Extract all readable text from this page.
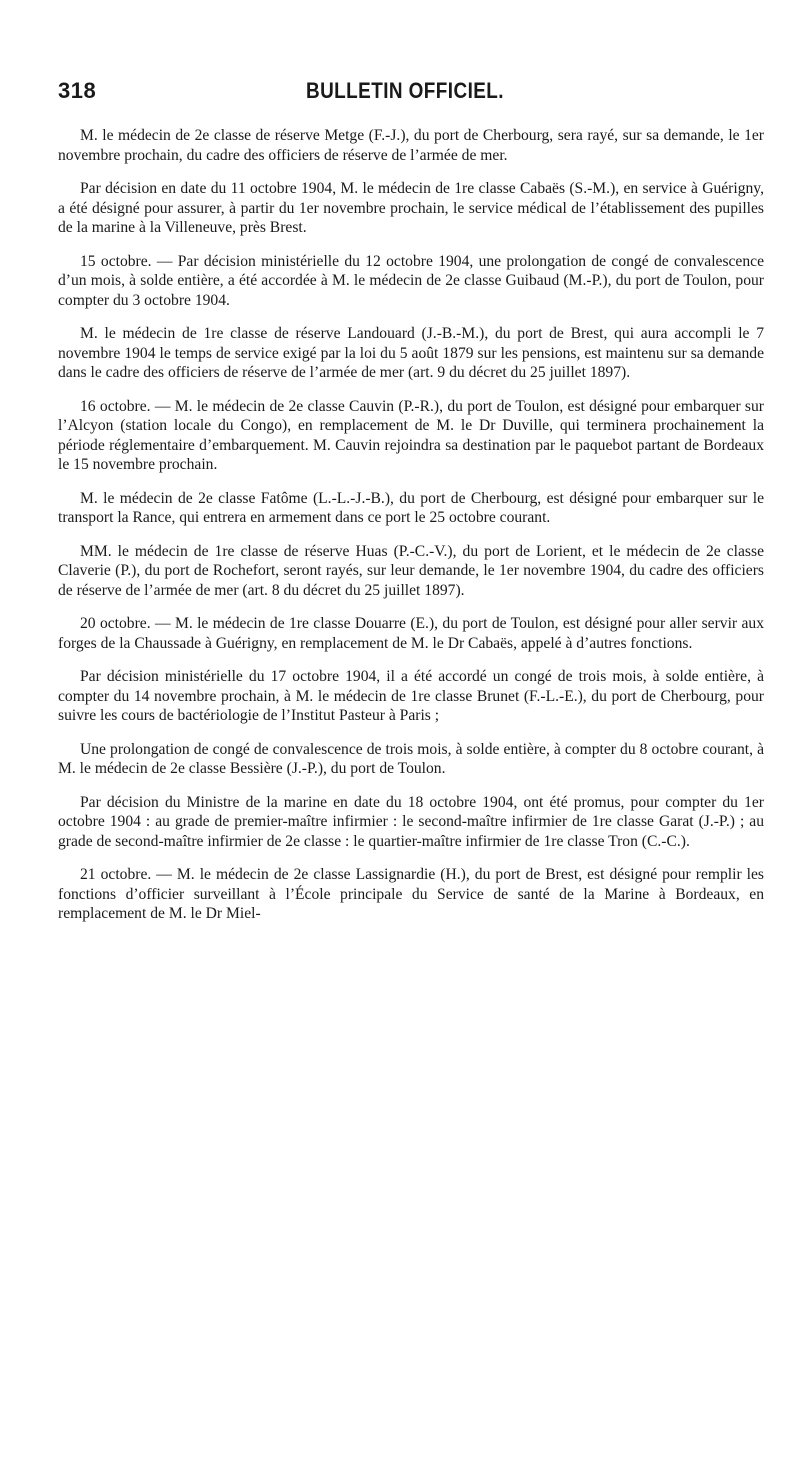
318	BULLETIN OFFICIEL.

M. le médecin de 2e classe de réserve Metge (F.-J.), du port de Cherbourg, sera rayé, sur sa demande, le 1er novembre prochain, du cadre des officiers de réserve de l’armée de mer.

Par décision en date du 11 octobre 1904, M. le médecin de 1re classe Cabaës (S.-M.), en service à Guérigny, a été désigné pour assurer, à partir du 1er novembre prochain, le service médical de l’établissement des pupilles de la marine à la Villeneuve, près Brest.

15 octobre. — Par décision ministérielle du 12 octobre 1904, une prolongation de congé de convalescence d’un mois, à solde entière, a été accordée à M. le médecin de 2e classe Guibaud (M.-P.), du port de Toulon, pour compter du 3 octobre 1904.

M. le médecin de 1re classe de réserve Landouard (J.-B.-M.), du port de Brest, qui aura accompli le 7 novembre 1904 le temps de service exigé par la loi du 5 août 1879 sur les pensions, est maintenu sur sa demande dans le cadre des officiers de réserve de l’armée de mer (art. 9 du décret du 25 juillet 1897).

16 octobre. — M. le médecin de 2e classe Cauvin (P.-R.), du port de Toulon, est désigné pour embarquer sur l’Alcyon (station locale du Congo), en remplacement de M. le Dr Duville, qui terminera prochainement la période réglementaire d’embarquement. M. Cauvin rejoindra sa destination par le paquebot partant de Bordeaux le 15 novembre prochain.

M. le médecin de 2e classe Fatôme (L.-L.-J.-B.), du port de Cherbourg, est désigné pour embarquer sur le transport la Rance, qui entrera en armement dans ce port le 25 octobre courant.

MM. le médecin de 1re classe de réserve Huas (P.-C.-V.), du port de Lorient, et le médecin de 2e classe Claverie (P.), du port de Rochefort, seront rayés, sur leur demande, le 1er novembre 1904, du cadre des officiers de réserve de l’armée de mer (art. 8 du décret du 25 juillet 1897).

20 octobre. — M. le médecin de 1re classe Douarre (E.), du port de Toulon, est désigné pour aller servir aux forges de la Chaussade à Guérigny, en remplacement de M. le Dr Cabaës, appelé à d’autres fonctions.

Par décision ministérielle du 17 octobre 1904, il a été accordé un congé de trois mois, à solde entière, à compter du 14 novembre prochain, à M. le médecin de 1re classe Brunet (F.-L.-E.), du port de Cherbourg, pour suivre les cours de bactériologie de l’Institut Pasteur à Paris ;

Une prolongation de congé de convalescence de trois mois, à solde entière, à compter du 8 octobre courant, à M. le médecin de 2e classe Bessière (J.-P.), du port de Toulon.

Par décision du Ministre de la marine en date du 18 octobre 1904, ont été promus, pour compter du 1er octobre 1904 : au grade de premier-maître infirmier : le second-maître infirmier de 1re classe Garat (J.-P.) ; au grade de second-maître infirmier de 2e classe : le quartier-maître infirmier de 1re classe Tron (C.-C.).

21 octobre. — M. le médecin de 2e classe Lassignardie (H.), du port de Brest, est désigné pour remplir les fonctions d’officier surveillant à l’École principale du Service de santé de la Marine à Bordeaux, en remplacement de M. le Dr Miel-
